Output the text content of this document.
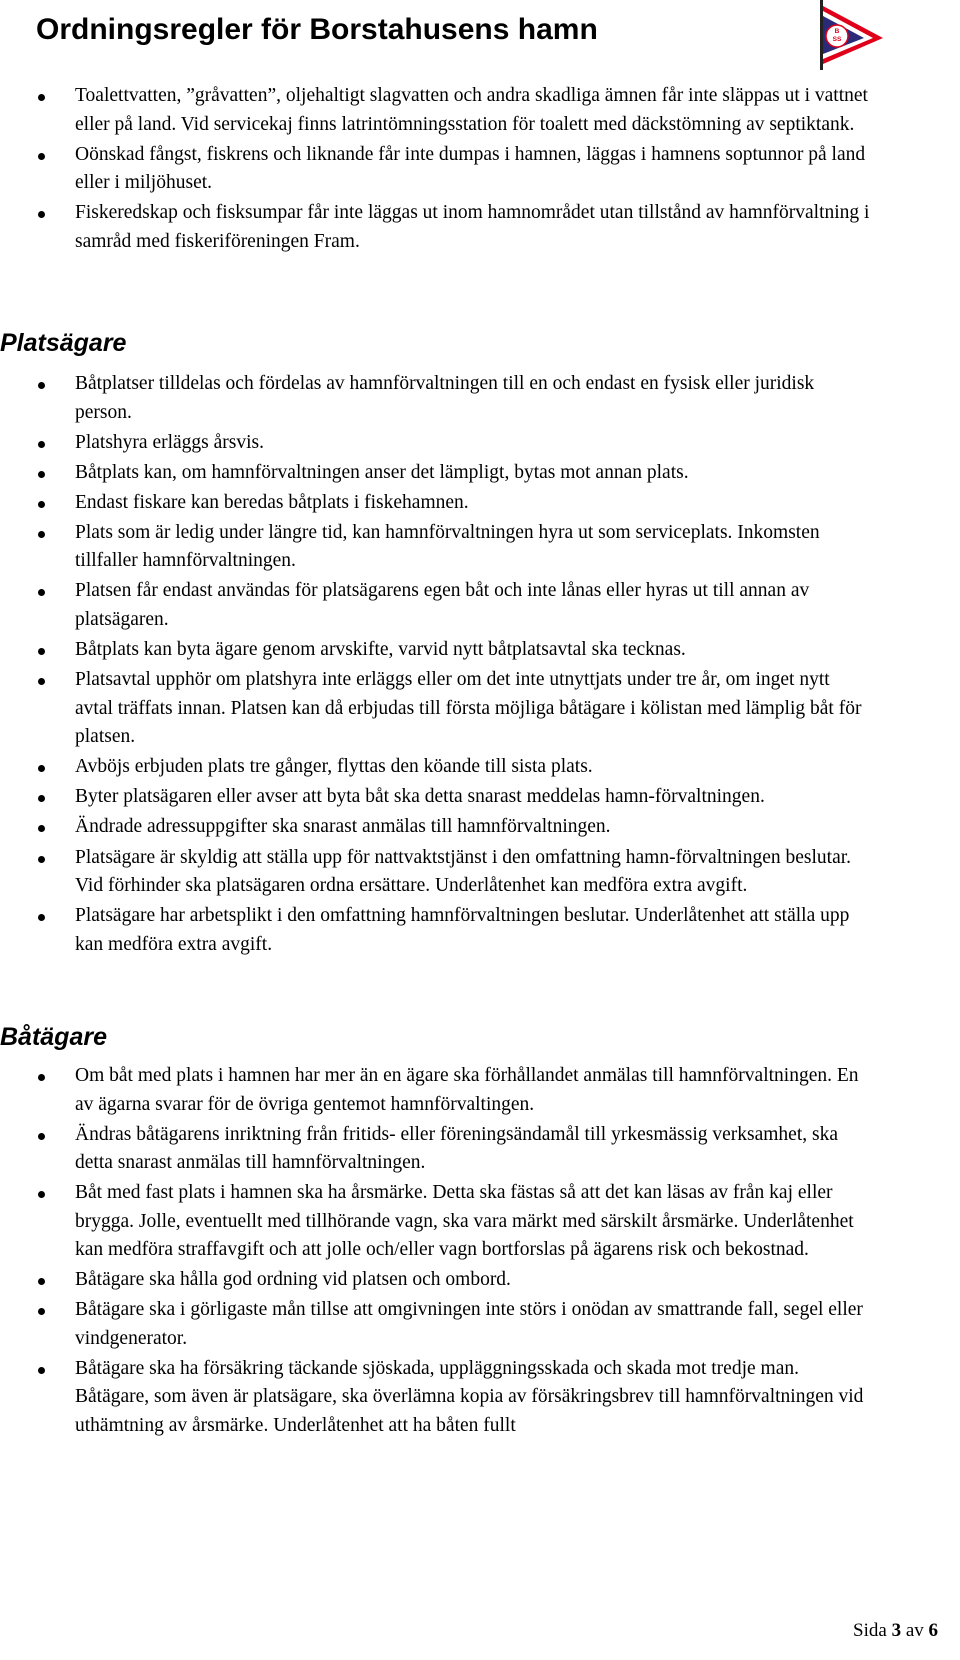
Ordningsregler för Borstahusens hamn	B
SS
Toalettvatten, ”gråvatten”, oljehaltigt slagvatten och andra skadliga ämnen får inte släppas ut i vattnet eller på land. Vid servicekaj finns latrintömningsstation för toalett med däckstömning av septiktank.
Oönskad fångst, fiskrens och liknande får inte dumpas i hamnen, läggas i hamnens soptunnor på land eller i miljöhuset.
Fiskeredskap och fisksumpar får inte läggas ut inom hamnområdet utan tillstånd av hamnförvaltning i samråd med fiskeriföreningen Fram.
Platsägare
Båtplatser tilldelas och fördelas av hamnförvaltningen till en och endast en fysisk eller juridisk person.
Platshyra erläggs årsvis.
Båtplats kan, om hamnförvaltningen anser det lämpligt, bytas mot annan plats.
Endast fiskare kan beredas båtplats i fiskehamnen.
Plats som är ledig under längre tid, kan hamnförvaltningen hyra ut som serviceplats. Inkomsten tillfaller hamnförvaltningen.
Platsen får endast användas för platsägarens egen båt och inte lånas eller hyras ut till annan av platsägaren.
Båtplats kan byta ägare genom arvskifte, varvid nytt båtplatsavtal ska tecknas.
Platsavtal upphör om platshyra inte erläggs eller om det inte utnyttjats under tre år, om inget nytt avtal träffats innan. Platsen kan då erbjudas till första möjliga båtägare i kölistan med lämplig båt för platsen.
Avböjs erbjuden plats tre gånger, flyttas den köande till sista plats.
Byter platsägaren eller avser att byta båt ska detta snarast meddelas hamn-förvaltningen.
Ändrade adressuppgifter ska snarast anmälas till hamnförvaltningen.
Platsägare är skyldig att ställa upp för nattvaktstjänst i den omfattning hamn-förvaltningen beslutar. Vid förhinder ska platsägaren ordna ersättare. Underlåtenhet kan medföra extra avgift.
Platsägare har arbetsplikt i den omfattning hamnförvaltningen beslutar. Underlåtenhet att ställa upp kan medföra extra avgift.
Båtägare
Om båt med plats i hamnen har mer än en ägare ska förhållandet anmälas till hamnförvaltningen. En av ägarna svarar för de övriga gentemot hamnförvaltingen.
Ändras båtägarens inriktning från fritids- eller föreningsändamål till yrkesmässig verksamhet, ska detta snarast anmälas till hamnförvaltningen.
Båt med fast plats i hamnen ska ha årsmärke. Detta ska fästas så att det kan läsas av från kaj eller brygga. Jolle, eventuellt med tillhörande vagn, ska vara märkt med särskilt årsmärke. Underlåtenhet kan medföra straffavgift och att jolle och/eller vagn bortforslas på ägarens risk och bekostnad.
Båtägare ska hålla god ordning vid platsen och ombord.
Båtägare ska i görligaste mån tillse att omgivningen inte störs i onödan av smattrande fall, segel eller vindgenerator.
Båtägare ska ha försäkring täckande sjöskada, uppläggningsskada och skada mot tredje man. Båtägare, som även är platsägare, ska överlämna kopia av försäkringsbrev till hamnförvaltningen vid uthämtning av årsmärke. Underlåtenhet att ha båten fullt
Sida 3 av 6
